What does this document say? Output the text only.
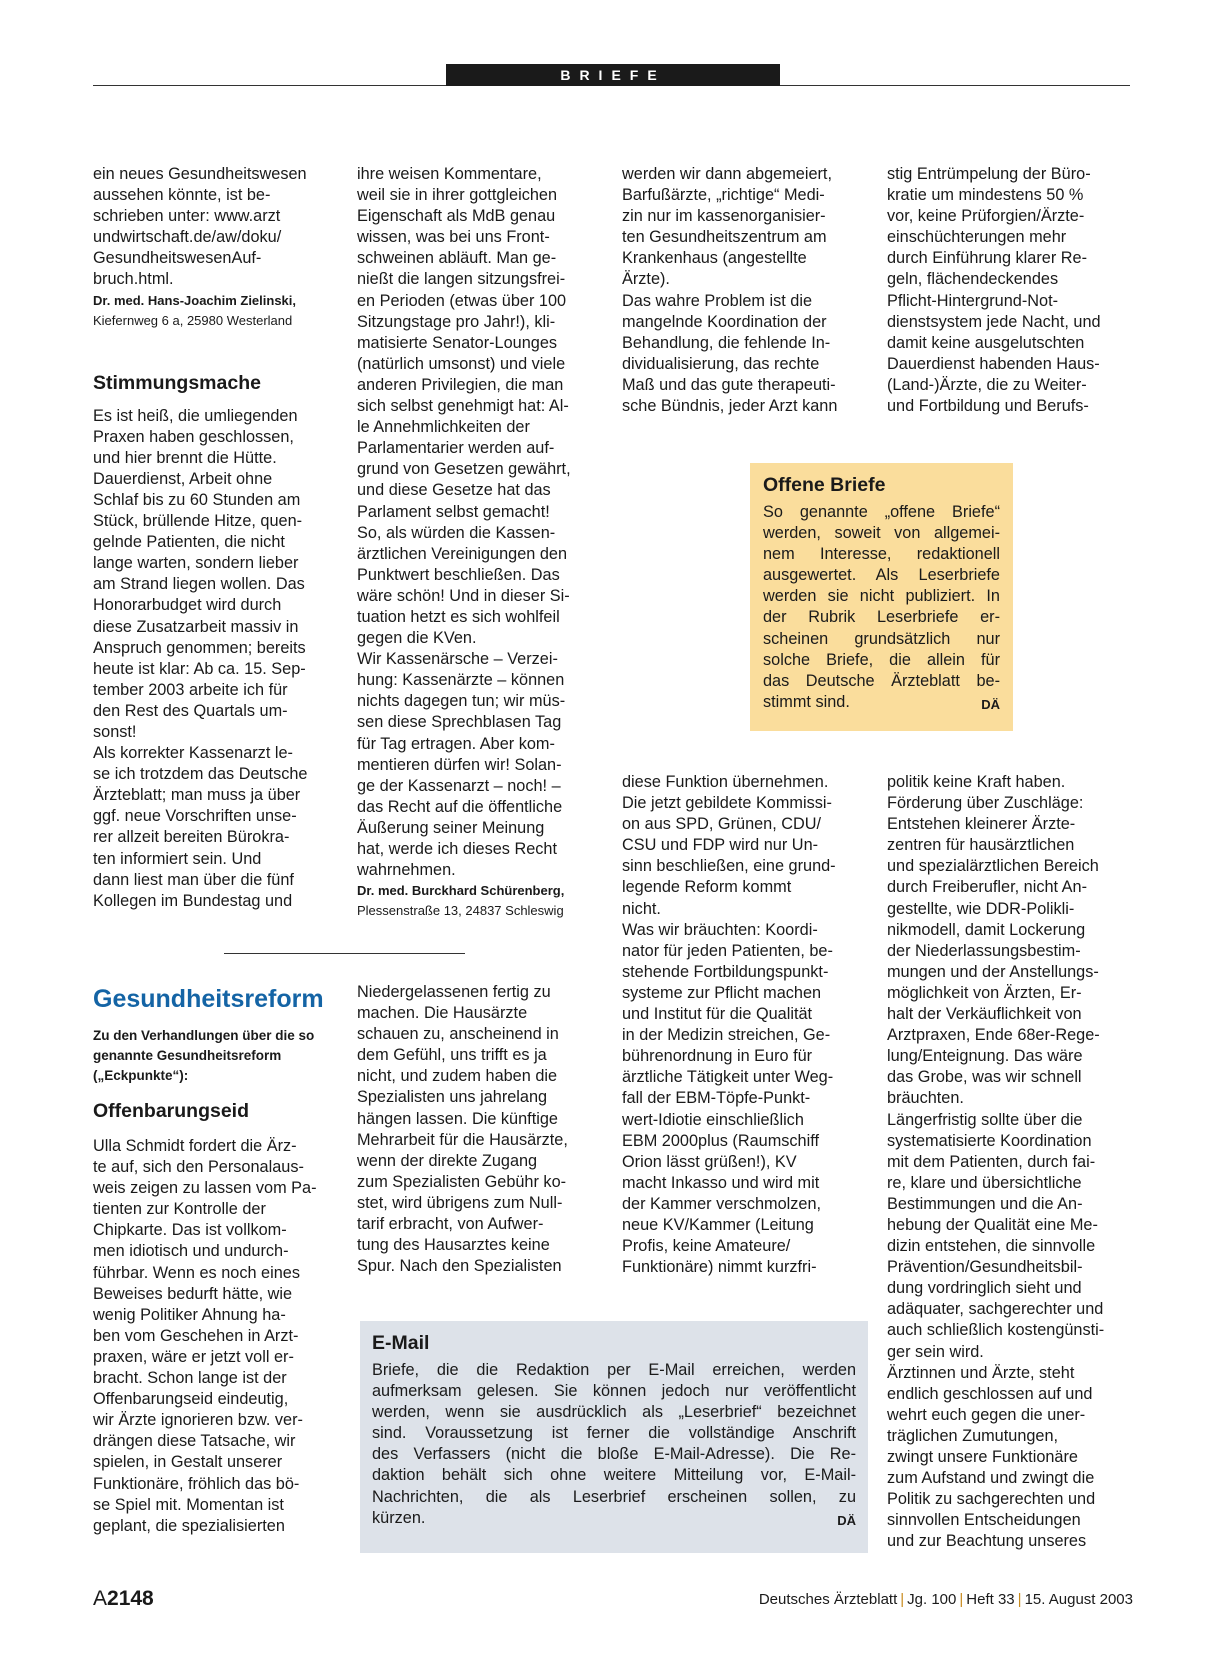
BRIEFE
ein neues Gesundheitswesen
aussehen könnte, ist be-
schrieben unter: www.arzt
undwirtschaft.de/aw/doku/
GesundheitswesenAuf-
bruch.html.
Dr. med. Hans-Joachim Zielinski,
Kiefernweg 6 a, 25980 Westerland

Stimmungsmache

Es ist heiß, die umliegenden
Praxen haben geschlossen,
und hier brennt die Hütte.
Dauerdienst, Arbeit ohne
Schlaf bis zu 60 Stunden am
Stück, brüllende Hitze, quen-
gelnde Patienten, die nicht
lange warten, sondern lieber
am Strand liegen wollen. Das
Honorarbudget wird durch
diese Zusatzarbeit massiv in
Anspruch genommen; bereits
heute ist klar: Ab ca. 15. Sep-
tember 2003 arbeite ich für
den Rest des Quartals um-
sonst!
Als korrekter Kassenarzt le-
se ich trotzdem das Deutsche
Ärzteblatt; man muss ja über
ggf. neue Vorschriften unse-
rer allzeit bereiten Bürokra-
ten informiert sein. Und
dann liest man über die fünf
Kollegen im Bundestag und
ihre weisen Kommentare,
weil sie in ihrer gottgleichen
Eigenschaft als MdB genau
wissen, was bei uns Front-
schweinen abläuft. Man ge-
nießt die langen sitzungsfrei-
en Perioden (etwas über 100
Sitzungstage pro Jahr!), kli-
matisierte Senator-Lounges
(natürlich umsonst) und viele
anderen Privilegien, die man
sich selbst genehmigt hat: Al-
le Annehmlichkeiten der
Parlamentarier werden auf-
grund von Gesetzen gewährt,
und diese Gesetze hat das
Parlament selbst gemacht!
So, als würden die Kassen-
ärztlichen Vereinigungen den
Punktwert beschließen. Das
wäre schön! Und in dieser Si-
tuation hetzt es sich wohlfeil
gegen die KVen.
Wir Kassenärsche – Verzei-
hung: Kassenärzte – können
nichts dagegen tun; wir müs-
sen diese Sprechblasen Tag
für Tag ertragen. Aber kom-
mentieren dürfen wir! Solan-
ge der Kassenarzt – noch! –
das Recht auf die öffentliche
Äußerung seiner Meinung
hat, werde ich dieses Recht
wahrnehmen.
Dr. med. Burckhard Schürenberg,
Plessenstraße 13, 24837 Schleswig
werden wir dann abgemeiert,
Barfußärzte, „richtige“ Medi-
zin nur im kassenorganisier-
ten Gesundheitszentrum am
Krankenhaus (angestellte
Ärzte).
Das wahre Problem ist die
mangelnde Koordination der
Behandlung, die fehlende In-
dividualisierung, das rechte
Maß und das gute therapeuti-
sche Bündnis, jeder Arzt kann
stig Entrümpelung der Büro-
kratie um mindestens 50 %
vor, keine Prüforgien/Ärzte-
einschüchterungen mehr
durch Einführung klarer Re-
geln, flächendeckendes
Pflicht-Hintergrund-Not-
dienstsystem jede Nacht, und
damit keine ausgelutschten
Dauerdienst habenden Haus-
(Land-)Ärzte, die zu Weiter-
und Fortbildung und Berufs-

Offene Briefe

So genannte „offene Briefe“
werden, soweit von allgemei-
nem Interesse, redaktionell
ausgewertet. Als Leserbriefe
werden sie nicht publiziert. In
der Rubrik Leserbriefe er-
scheinen grundsätzlich nur
solche Briefe, die allein für
das Deutsche Ärzteblatt be-
stimmt sind.	DÄ
diese Funktion übernehmen.
Die jetzt gebildete Kommissi-
on aus SPD, Grünen, CDU/
CSU und FDP wird nur Un-
sinn beschließen, eine grund-
legende Reform kommt
nicht.
Was wir bräuchten: Koordi-
nator für jeden Patienten, be-
stehende Fortbildungspunkt-
systeme zur Pflicht machen
und Institut für die Qualität
in der Medizin streichen, Ge-
bührenordnung in Euro für
ärztliche Tätigkeit unter Weg-
fall der EBM-Töpfe-Punkt-
wert-Idiotie einschließlich
EBM 2000plus (Raumschiff
Orion lässt grüßen!), KV
macht Inkasso und wird mit
der Kammer verschmolzen,
neue KV/Kammer (Leitung
Profis, keine Amateure/
Funktionäre) nimmt kurzfri-
politik keine Kraft haben.
Förderung über Zuschläge:
Entstehen kleinerer Ärzte-
zentren für hausärztlichen
und spezialärztlichen Bereich
durch Freiberufler, nicht An-
gestellte, wie DDR-Polikli-
nikmodell, damit Lockerung
der Niederlassungsbestim-
mungen und der Anstellungs-
möglichkeit von Ärzten, Er-
halt der Verkäuflichkeit von
Arztpraxen, Ende 68er-Rege-
lung/Enteignung. Das wäre
das Grobe, was wir schnell
bräuchten.
Längerfristig sollte über die
systematisierte Koordination
mit dem Patienten, durch fai-
re, klare und übersichtliche
Bestimmungen und die An-
hebung der Qualität eine Me-
dizin entstehen, die sinnvolle
Prävention/Gesundheitsbil-
dung vordringlich sieht und
adäquater, sachgerechter und
auch schließlich kostengünsti-
ger sein wird.
Ärztinnen und Ärzte, steht
endlich geschlossen auf und
wehrt euch gegen die uner-
träglichen Zumutungen,
zwingt unsere Funktionäre
zum Aufstand und zwingt die
Politik zu sachgerechten und
sinnvollen Entscheidungen
und zur Beachtung unseres

Gesundheitsreform

Zu den Verhandlungen über die so genannte Gesundheitsreform („Eckpunkte“):

Offenbarungseid

Ulla Schmidt fordert die Ärz-
te auf, sich den Personalaus-
weis zeigen zu lassen vom Pa-
tienten zur Kontrolle der
Chipkarte. Das ist vollkom-
men idiotisch und undurch-
führbar. Wenn es noch eines
Beweises bedurft hätte, wie
wenig Politiker Ahnung ha-
ben vom Geschehen in Arzt-
praxen, wäre er jetzt voll er-
bracht. Schon lange ist der
Offenbarungseid eindeutig,
wir Ärzte ignorieren bzw. ver-
drängen diese Tatsache, wir
spielen, in Gestalt unserer
Funktionäre, fröhlich das bö-
se Spiel mit. Momentan ist
geplant, die spezialisierten
Niedergelassenen fertig zu
machen. Die Hausärzte
schauen zu, anscheinend in
dem Gefühl, uns trifft es ja
nicht, und zudem haben die
Spezialisten uns jahrelang
hängen lassen. Die künftige
Mehrarbeit für die Hausärzte,
wenn der direkte Zugang
zum Spezialisten Gebühr ko-
stet, wird übrigens zum Null-
tarif erbracht, von Aufwer-
tung des Hausarztes keine
Spur. Nach den Spezialisten

E-Mail

Briefe, die die Redaktion per E-Mail erreichen, werden
aufmerksam gelesen. Sie können jedoch nur veröffentlicht
werden, wenn sie ausdrücklich als „Leserbrief“ bezeichnet
sind. Voraussetzung ist ferner die vollständige Anschrift
des Verfassers (nicht die bloße E-Mail-Adresse). Die Re-
daktion behält sich ohne weitere Mitteilung vor, E-Mail-
Nachrichten, die als Leserbrief erscheinen sollen, zu
kürzen.	DÄ
A2148	Deutsches Ärzteblatt | Jg. 100 | Heft 33 | 15. August 2003
